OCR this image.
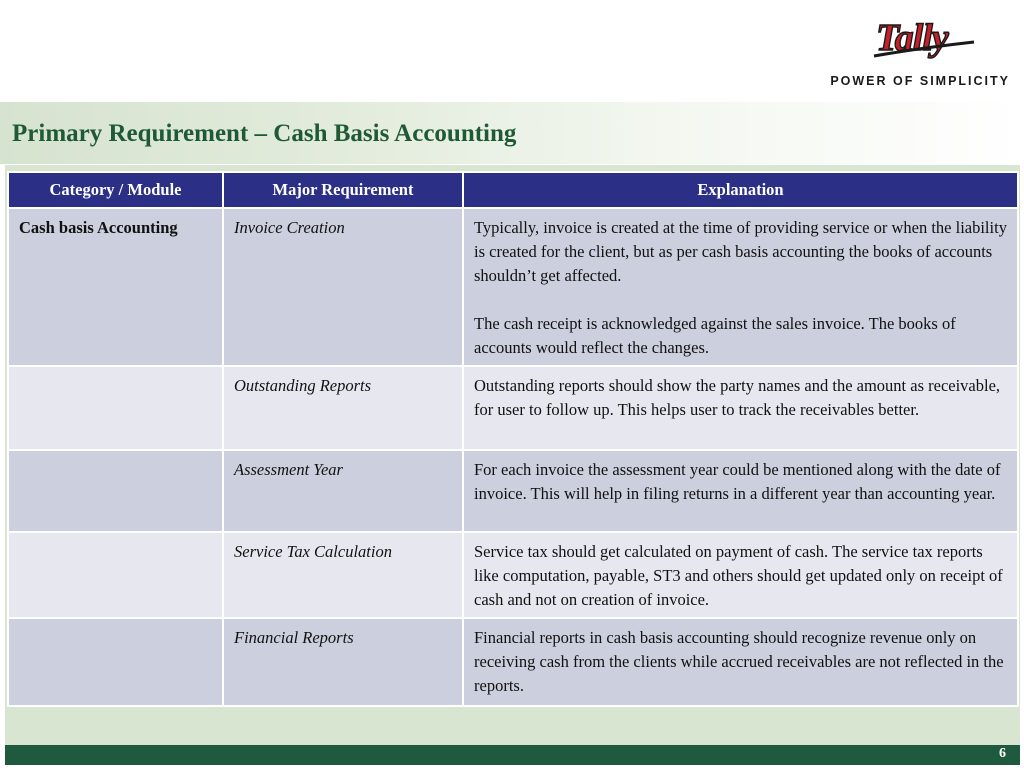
Tally
POWER OF SIMPLICITY
Primary Requirement – Cash Basis Accounting
Category / Module	Major Requirement	Explanation
Cash basis Accounting	Invoice Creation	Typically, invoice is created at the time of providing service or when the liability is created for the client, but as per cash basis accounting the books of accounts shouldn’t get affected.

The cash receipt is acknowledged against the sales invoice. The books of accounts would reflect the changes.

	Outstanding Reports	Outstanding reports should show the party names and the amount as receivable, for user to follow up. This helps user to track the receivables better.

	Assessment Year	For each invoice the assessment year could be mentioned along with the date of invoice. This will help in filing returns in a different year than accounting year.

	Service Tax Calculation	Service tax should get calculated on payment of cash. The service tax reports like computation, payable, ST3 and others should get updated only on receipt of cash and not on creation of invoice.

	Financial Reports	Financial reports in cash basis accounting should recognize revenue only on receiving cash from the clients while accrued receivables are not reflected in the reports.

6
